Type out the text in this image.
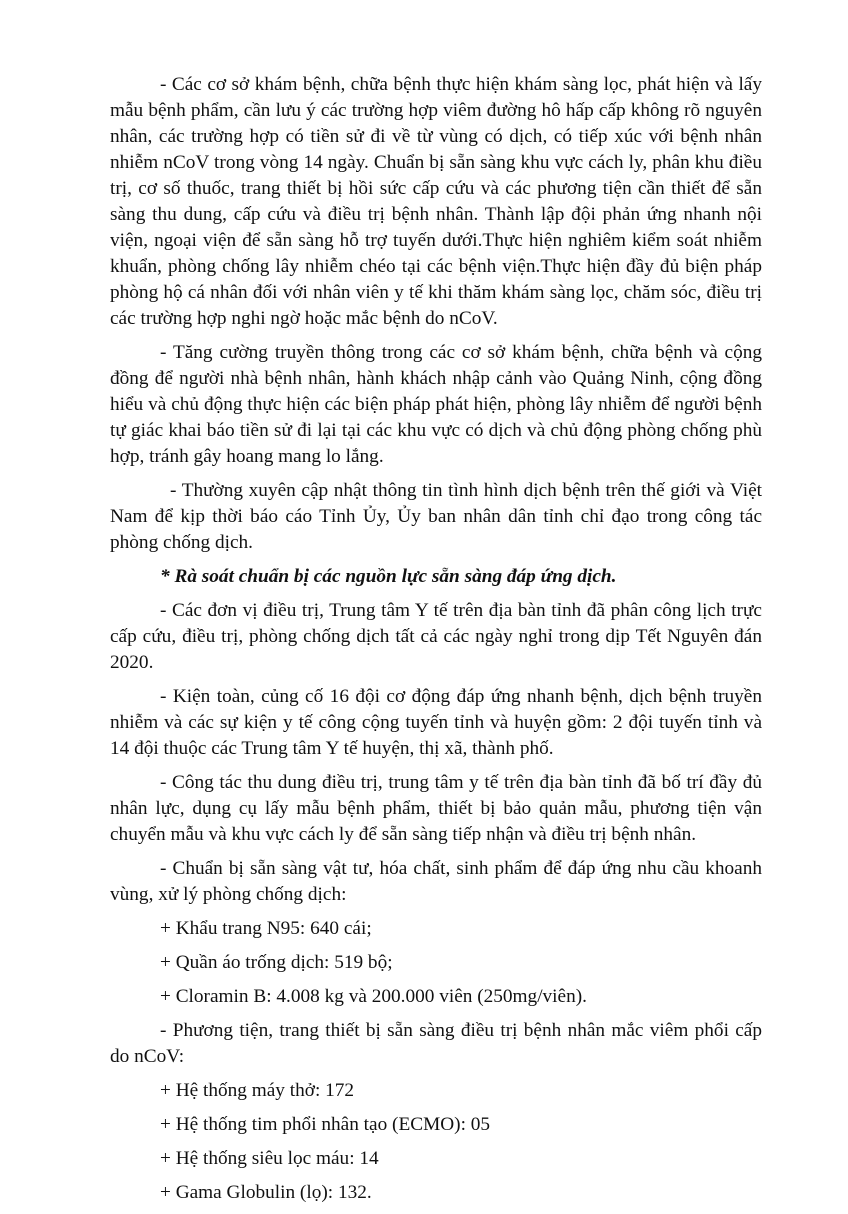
- Các cơ sở khám bệnh, chữa bệnh thực hiện khám sàng lọc, phát hiện và lấy mẫu bệnh phẩm, cần lưu ý các trường hợp viêm đường hô hấp cấp không rõ nguyên nhân, các trường hợp có tiền sử đi về từ vùng có dịch, có tiếp xúc với bệnh nhân nhiễm nCoV trong vòng 14 ngày. Chuẩn bị sẵn sàng khu vực cách ly, phân khu điều trị, cơ số thuốc, trang thiết bị hồi sức cấp cứu và các phương tiện cần thiết để sẵn sàng thu dung, cấp cứu và điều trị bệnh nhân. Thành lập đội phản ứng nhanh nội viện, ngoại viện để sẵn sàng hỗ trợ tuyến dưới.Thực hiện nghiêm kiểm soát nhiễm khuẩn, phòng chống lây nhiễm chéo tại các bệnh viện.Thực hiện đầy đủ biện pháp phòng hộ cá nhân đối với nhân viên y tế khi thăm khám sàng lọc, chăm sóc, điều trị các trường hợp nghi ngờ hoặc mắc bệnh do nCoV.

- Tăng cường truyền thông trong các cơ sở khám bệnh, chữa bệnh và cộng đồng để người nhà bệnh nhân, hành khách nhập cảnh vào Quảng Ninh, cộng đồng hiểu và chủ động thực hiện các biện pháp phát hiện, phòng lây nhiễm để người bệnh tự giác khai báo tiền sử đi lại tại các khu vực có dịch và chủ động phòng chống phù hợp, tránh gây hoang mang lo lắng.

- Thường xuyên cập nhật thông tin tình hình dịch bệnh trên thế giới và Việt Nam để kịp thời báo cáo Tỉnh Ủy, Ủy ban nhân dân tỉnh chỉ đạo trong công tác phòng chống dịch.

* Rà soát chuẩn bị các nguồn lực sẵn sàng đáp ứng dịch.

- Các đơn vị điều trị, Trung tâm Y tế trên địa bàn tỉnh đã phân công lịch trực cấp cứu, điều trị, phòng chống dịch tất cả các ngày nghỉ trong dịp Tết Nguyên đán 2020.

- Kiện toàn, củng cố 16 đội cơ động đáp ứng nhanh bệnh, dịch bệnh truyền nhiễm và các sự kiện y tế công cộng tuyến tỉnh và huyện gồm: 2 đội tuyến tỉnh và 14 đội thuộc các Trung tâm Y tế huyện, thị xã, thành phố.

- Công tác thu dung điều trị, trung tâm y tế trên địa bàn tỉnh đã bố trí đầy đủ nhân lực, dụng cụ lấy mẫu bệnh phẩm, thiết bị bảo quản mẫu, phương tiện vận chuyển mẫu và khu vực cách ly để sẵn sàng tiếp nhận và điều trị bệnh nhân.

- Chuẩn bị sẵn sàng vật tư, hóa chất, sinh phẩm để đáp ứng nhu cầu khoanh vùng, xử lý phòng chống dịch:

+ Khẩu trang N95: 640 cái;

+ Quần áo trống dịch: 519 bộ;

+ Cloramin B: 4.008 kg và 200.000 viên (250mg/viên).

- Phương tiện, trang thiết bị sẵn sàng điều trị bệnh nhân mắc viêm phổi cấp do nCoV:

+ Hệ thống máy thở: 172

+ Hệ thống tim phổi nhân tạo (ECMO): 05

+ Hệ thống siêu lọc máu: 14

+ Gama Globulin (lọ): 132.
